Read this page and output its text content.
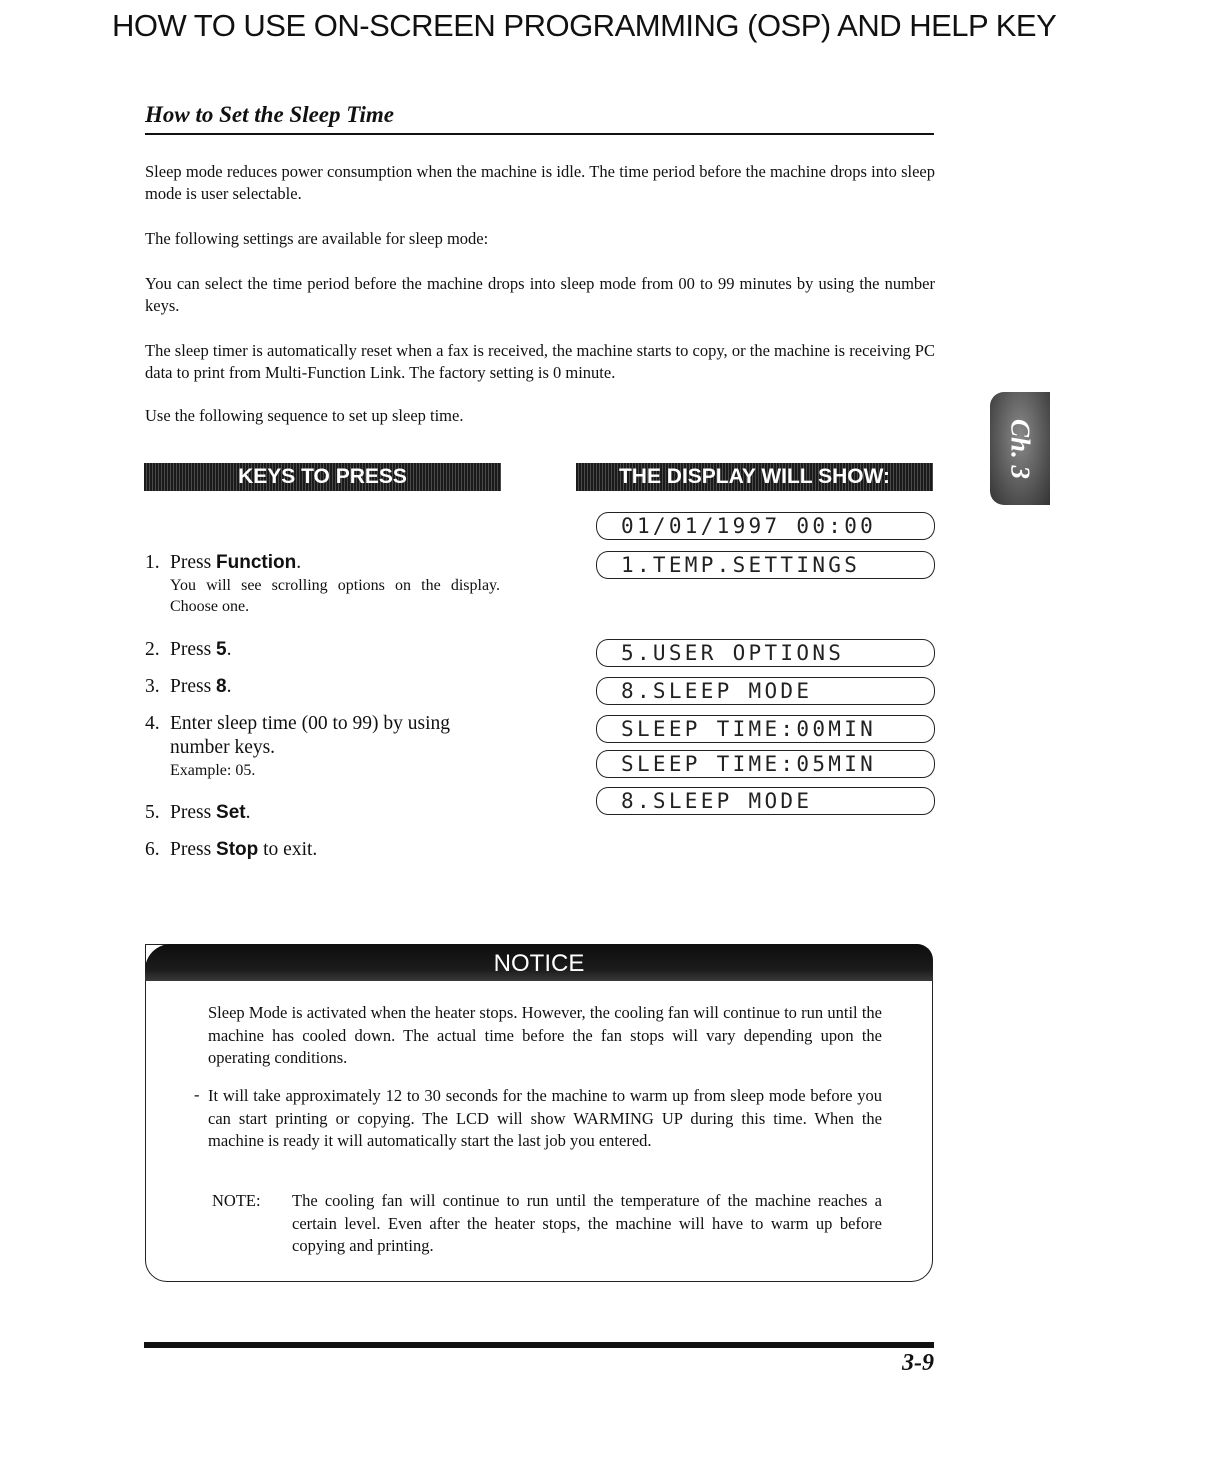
HOW TO USE ON-SCREEN PROGRAMMING (OSP) AND HELP KEY
How to Set the Sleep Time
Sleep mode reduces power consumption when the machine is idle. The time period before the machine drops into sleep mode is user selectable.
The following settings are available for sleep mode:
You can select the time period before the machine drops into sleep mode from 00 to 99 minutes by using the number keys.
The sleep timer is automatically reset when a fax is received, the machine starts to copy, or the machine is receiving PC data to print from Multi-Function Link. The factory setting is 0 minute.
Use the following sequence to set up sleep time.
Ch. 3
KEYS TO PRESS	THE DISPLAY WILL SHOW:
1. Press Function.
You will see scrolling options on the display. Choose one.
2. Press 5.
3. Press 8.
4. Enter sleep time (00 to 99) by using
number keys.
Example: 05.
5. Press Set.
6. Press Stop to exit.
01/01/1997 00:00
1.TEMP.SETTINGS
5.USER OPTIONS
8.SLEEP MODE
SLEEP TIME:00MIN
SLEEP TIME:05MIN
8.SLEEP MODE
NOTICE
Sleep Mode is activated when the heater stops. However, the cooling fan will continue to run until the machine has cooled down. The actual time before the fan stops will vary depending upon the operating conditions.
- It will take approximately 12 to 30 seconds for the machine to warm up from sleep mode before you can start printing or copying. The LCD will show WARMING UP during this time. When the machine is ready it will automatically start the last job you entered.
NOTE: The cooling fan will continue to run until the temperature of the machine reaches a certain level. Even after the heater stops, the machine will have to warm up before copying and printing.
3-9
